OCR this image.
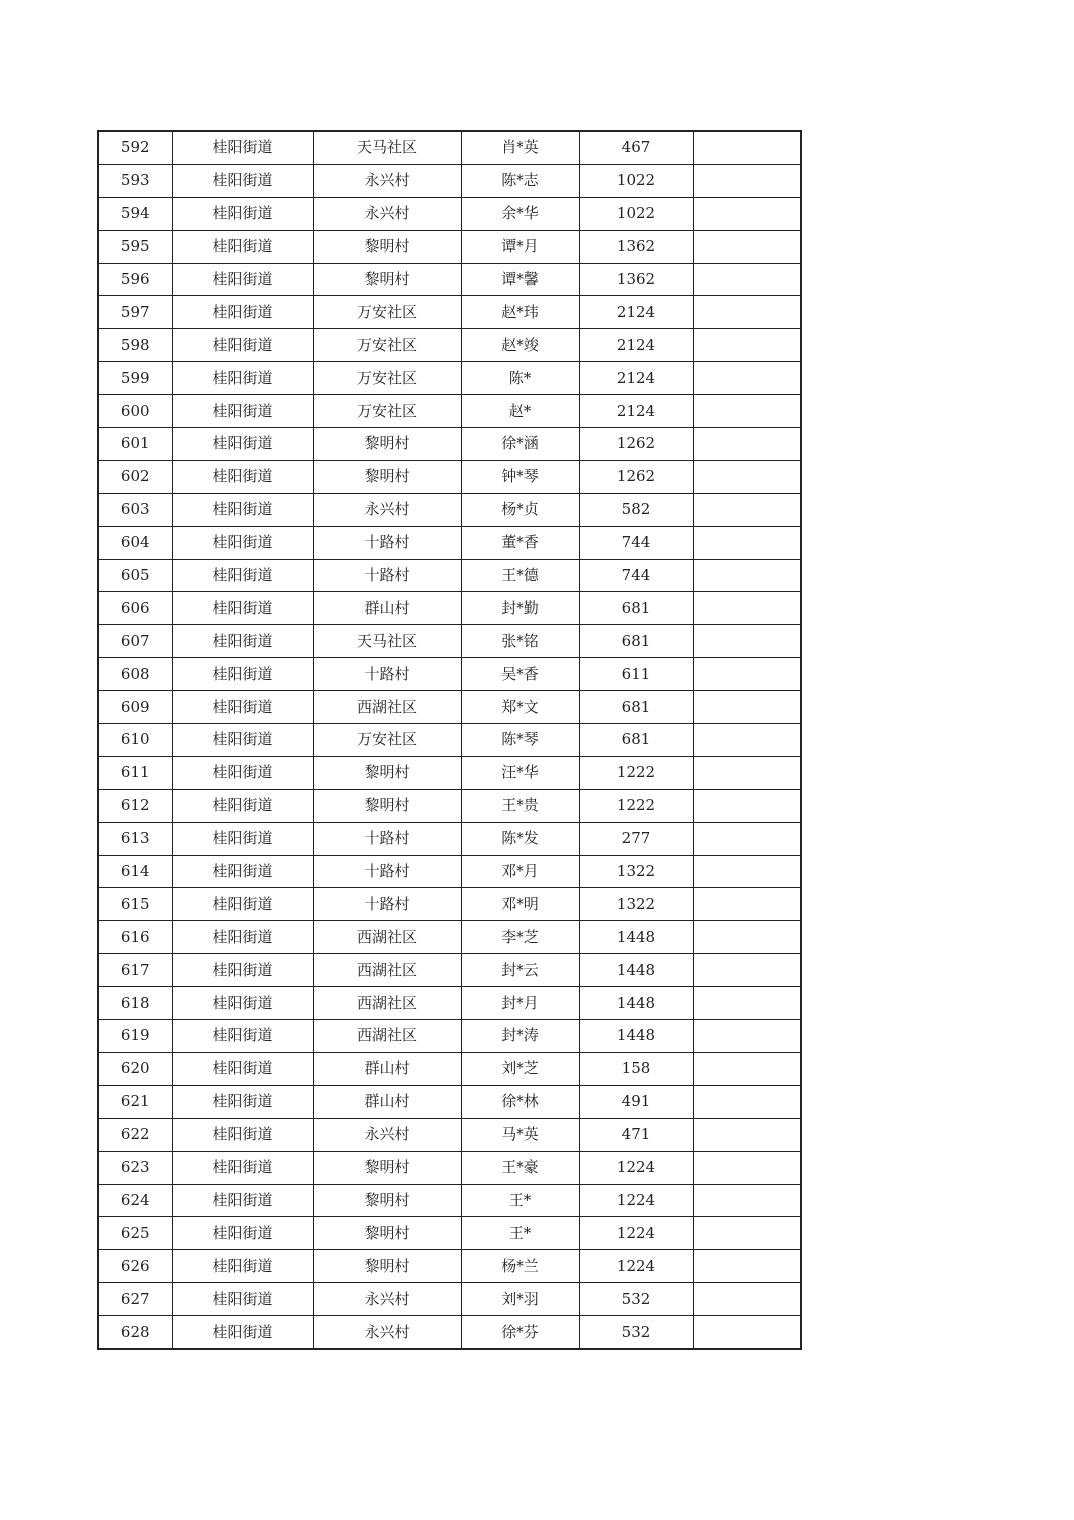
592	桂阳街道	天马社区	肖*英	467	
593	桂阳街道	永兴村	陈*志	1022	
594	桂阳街道	永兴村	余*华	1022	
595	桂阳街道	黎明村	谭*月	1362	
596	桂阳街道	黎明村	谭*馨	1362	
597	桂阳街道	万安社区	赵*玮	2124	
598	桂阳街道	万安社区	赵*竣	2124	
599	桂阳街道	万安社区	陈*	2124	
600	桂阳街道	万安社区	赵*	2124	
601	桂阳街道	黎明村	徐*涵	1262	
602	桂阳街道	黎明村	钟*琴	1262	
603	桂阳街道	永兴村	杨*贞	582	
604	桂阳街道	十路村	董*香	744	
605	桂阳街道	十路村	王*德	744	
606	桂阳街道	群山村	封*勤	681	
607	桂阳街道	天马社区	张*铭	681	
608	桂阳街道	十路村	吴*香	611	
609	桂阳街道	西湖社区	郑*文	681	
610	桂阳街道	万安社区	陈*琴	681	
611	桂阳街道	黎明村	汪*华	1222	
612	桂阳街道	黎明村	王*贵	1222	
613	桂阳街道	十路村	陈*发	277	
614	桂阳街道	十路村	邓*月	1322	
615	桂阳街道	十路村	邓*明	1322	
616	桂阳街道	西湖社区	李*芝	1448	
617	桂阳街道	西湖社区	封*云	1448	
618	桂阳街道	西湖社区	封*月	1448	
619	桂阳街道	西湖社区	封*涛	1448	
620	桂阳街道	群山村	刘*芝	158	
621	桂阳街道	群山村	徐*林	491	
622	桂阳街道	永兴村	马*英	471	
623	桂阳街道	黎明村	王*豪	1224	
624	桂阳街道	黎明村	王*	1224	
625	桂阳街道	黎明村	王*	1224	
626	桂阳街道	黎明村	杨*兰	1224	
627	桂阳街道	永兴村	刘*羽	532	
628	桂阳街道	永兴村	徐*芬	532	
